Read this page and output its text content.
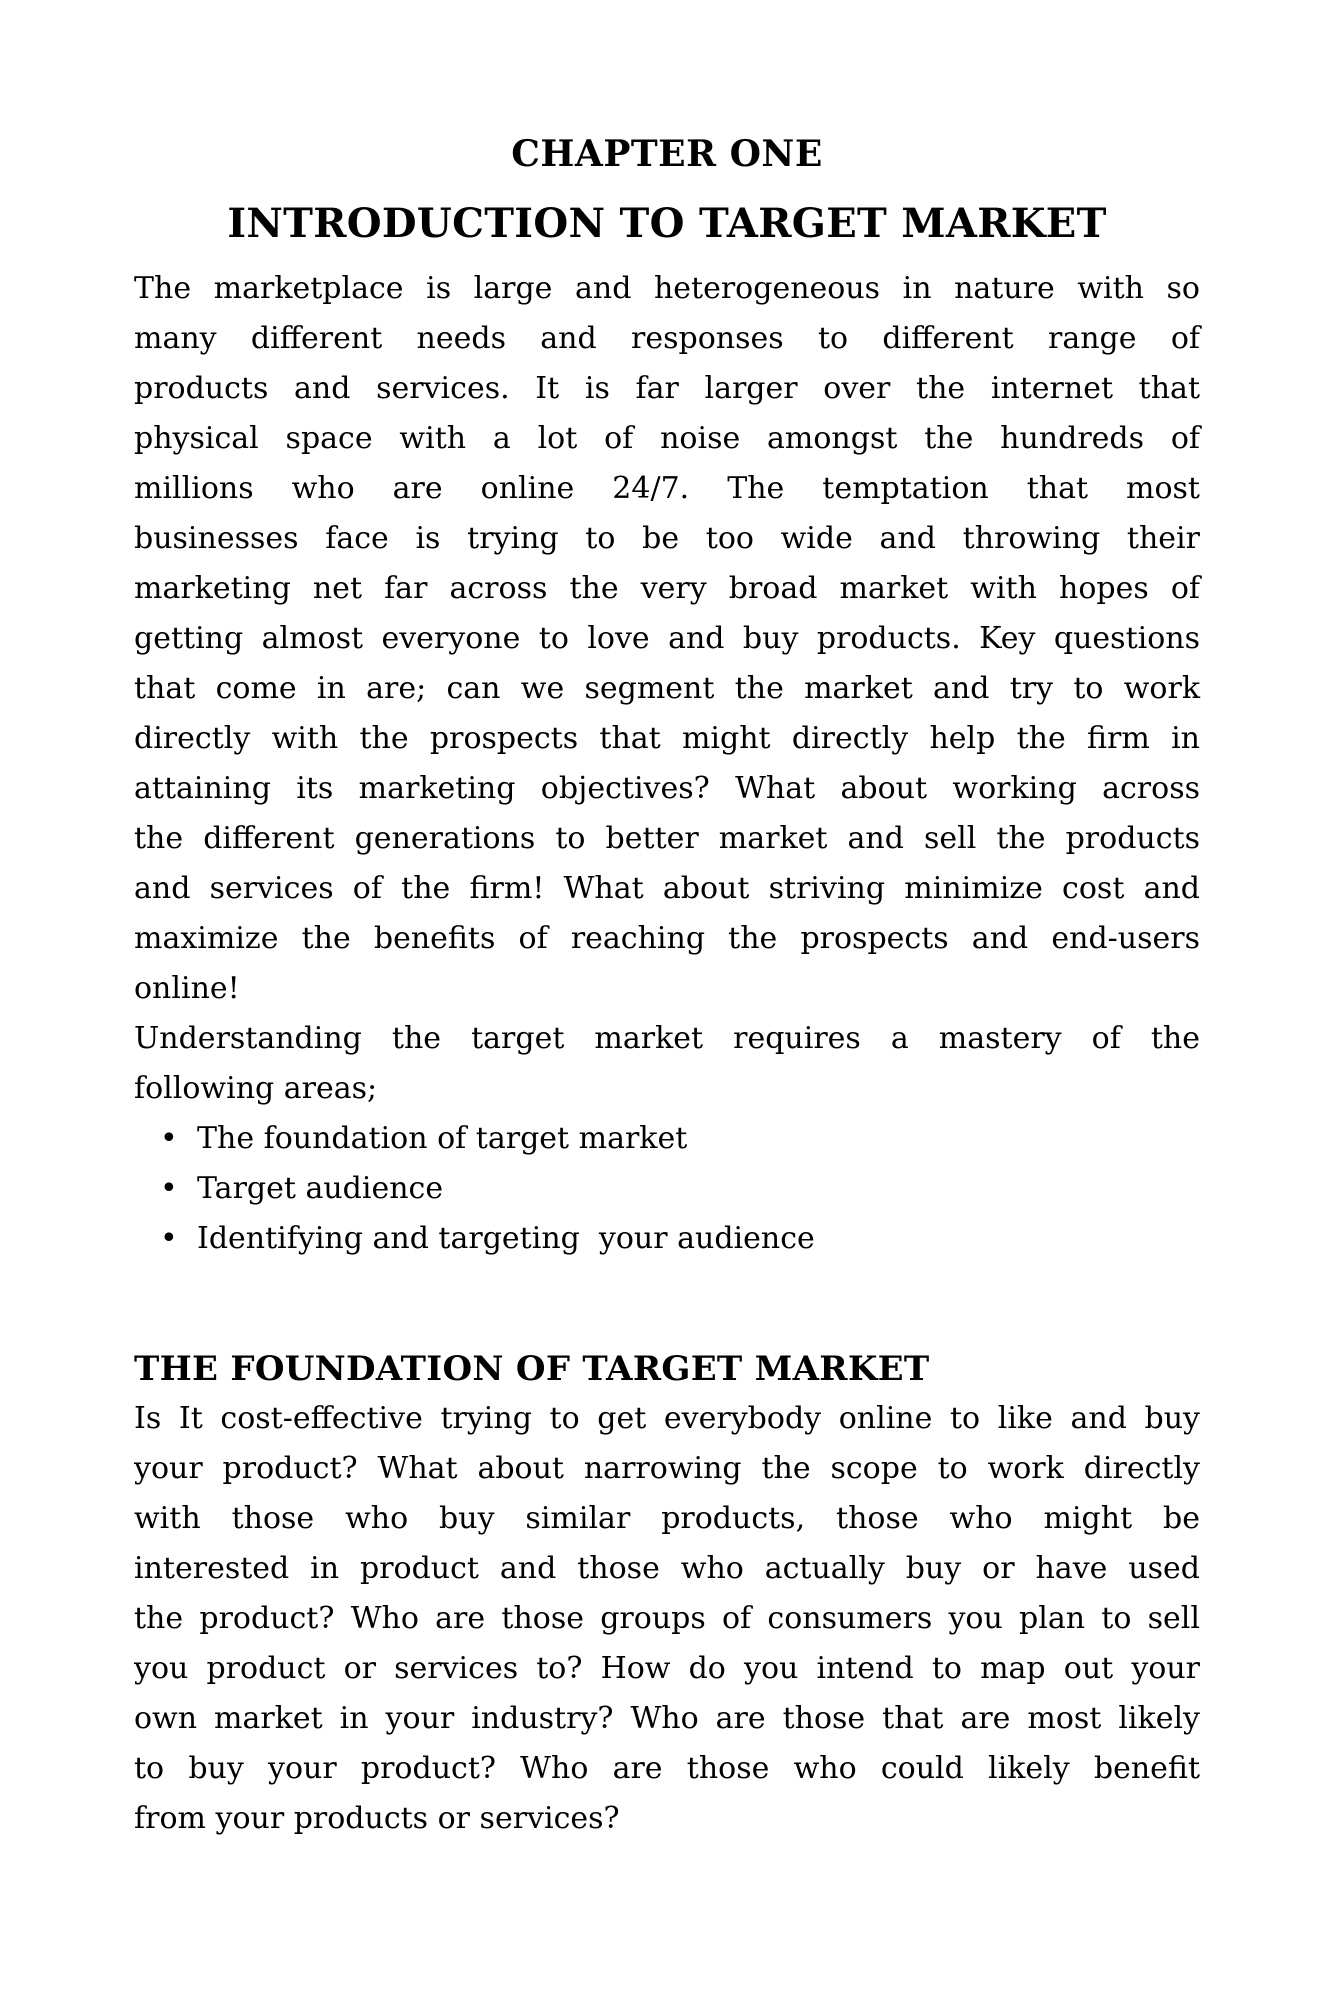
CHAPTER ONE
INTRODUCTION TO TARGET MARKET
The marketplace is large and heterogeneous in nature with so
many different needs and responses to different range of
products and services. It is far larger over the internet that
physical space with a lot of noise amongst the hundreds of
millions who are online 24/7. The temptation that most
businesses face is trying to be too wide and throwing their
marketing net far across the very broad market with hopes of
getting almost everyone to love and buy products. Key questions
that come in are; can we segment the market and try to work
directly with the prospects that might directly help the firm in
attaining its marketing objectives? What about working across
the different generations to better market and sell the products
and services of the firm! What about striving minimize cost and
maximize the benefits of reaching the prospects and end-users
online!
Understanding the target market requires a mastery of the
following areas;
• The foundation of target market
• Target audience
• Identifying and targeting  your audience
THE FOUNDATION OF TARGET MARKET
Is It cost-effective trying to get everybody online to like and buy
your product? What about narrowing the scope to work directly
with those who buy similar products, those who might be
interested in product and those who actually buy or have used
the product? Who are those groups of consumers you plan to sell
you product or services to? How do you intend to map out your
own market in your industry? Who are those that are most likely
to buy your product? Who are those who could likely benefit
from your products or services?
